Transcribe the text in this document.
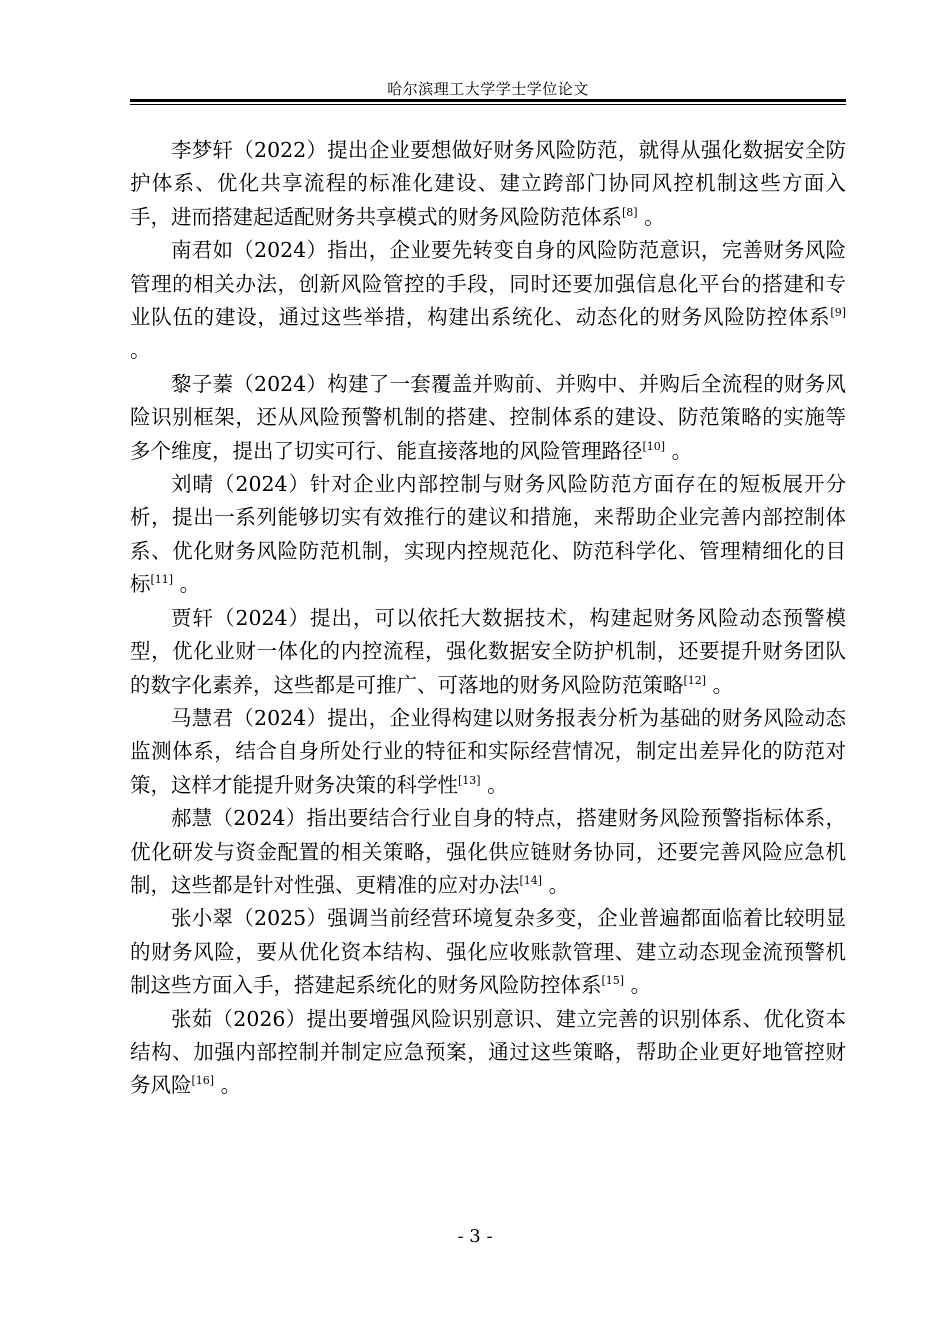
哈尔滨理工大学学士学位论文

李梦轩（2022）提出企业要想做好财务风险防范，就得从强化数据安全防护体系、优化共享流程的标准化建设、建立跨部门协同风控机制这些方面入手，进而搭建起适配财务共享模式的财务风险防范体系[8] 。

南君如（2024）指出，企业要先转变自身的风险防范意识，完善财务风险管理的相关办法，创新风险管控的手段，同时还要加强信息化平台的搭建和专业队伍的建设，通过这些举措，构建出系统化、动态化的财务风险防控体系[9] 。

黎子蓁（2024）构建了一套覆盖并购前、并购中、并购后全流程的财务风险识别框架，还从风险预警机制的搭建、控制体系的建设、防范策略的实施等多个维度，提出了切实可行、能直接落地的风险管理路径[10] 。

刘晴（2024）针对企业内部控制与财务风险防范方面存在的短板展开分析，提出一系列能够切实有效推行的建议和措施，来帮助企业完善内部控制体系、优化财务风险防范机制，实现内控规范化、防范科学化、管理精细化的目标[11] 。

贾轩（2024）提出，可以依托大数据技术，构建起财务风险动态预警模型，优化业财一体化的内控流程，强化数据安全防护机制，还要提升财务团队的数字化素养，这些都是可推广、可落地的财务风险防范策略[12] 。

马慧君（2024）提出，企业得构建以财务报表分析为基础的财务风险动态监测体系，结合自身所处行业的特征和实际经营情况，制定出差异化的防范对策，这样才能提升财务决策的科学性[13] 。

郝慧（2024）指出要结合行业自身的特点，搭建财务风险预警指标体系，优化研发与资金配置的相关策略，强化供应链财务协同，还要完善风险应急机制，这些都是针对性强、更精准的应对办法[14] 。

张小翠（2025）强调当前经营环境复杂多变，企业普遍都面临着比较明显的财务风险，要从优化资本结构、强化应收账款管理、建立动态现金流预警机制这些方面入手，搭建起系统化的财务风险防控体系[15] 。

张茹（2026）提出要增强风险识别意识、建立完善的识别体系、优化资本结构、加强内部控制并制定应急预案，通过这些策略，帮助企业更好地管控财务风险[16] 。

- 3 -
